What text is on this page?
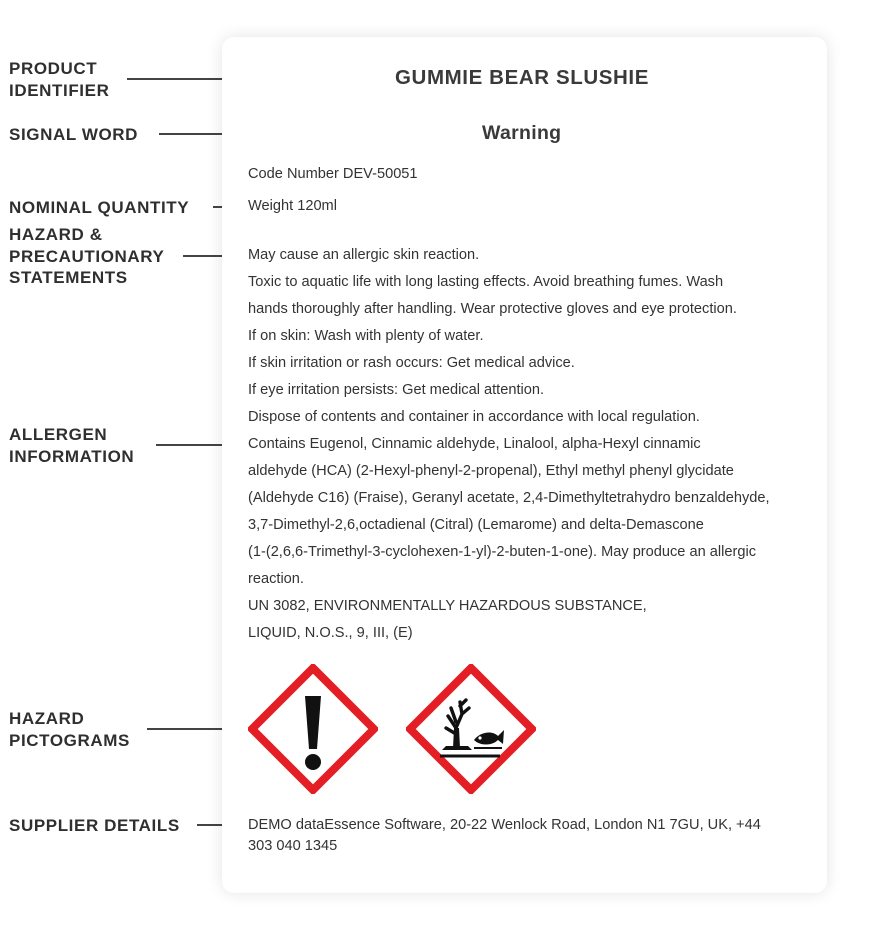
PRODUCT
IDENTIFIER
SIGNAL WORD
NOMINAL QUANTITY
HAZARD &
PRECAUTIONARY
STATEMENTS
ALLERGEN
INFORMATION
HAZARD
PICTOGRAMS
SUPPLIER DETAILS
GUMMIE BEAR SLUSHIE
Warning
Code Number DEV-50051
Weight 120ml
May cause an allergic skin reaction.
Toxic to aquatic life with long lasting effects. Avoid breathing fumes. Wash
hands thoroughly after handling. Wear protective gloves and eye protection.
If on skin: Wash with plenty of water.
If skin irritation or rash occurs: Get medical advice.
If eye irritation persists: Get medical attention.
Dispose of contents and container in accordance with local regulation.
Contains Eugenol, Cinnamic aldehyde, Linalool, alpha-Hexyl cinnamic
aldehyde (HCA) (2-Hexyl-phenyl-2-propenal), Ethyl methyl phenyl glycidate
(Aldehyde C16) (Fraise), Geranyl acetate, 2,4-Dimethyltetrahydro benzaldehyde,
3,7-Dimethyl-2,6,octadienal (Citral) (Lemarome) and delta-Demascone
(1-(2,6,6-Trimethyl-3-cyclohexen-1-yl)-2-buten-1-one). May produce an allergic
reaction.
UN 3082, ENVIRONMENTALLY HAZARDOUS SUBSTANCE,
LIQUID, N.O.S., 9, III, (E)
DEMO dataEssence Software, 20-22 Wenlock Road, London N1 7GU, UK, +44
303 040 1345
